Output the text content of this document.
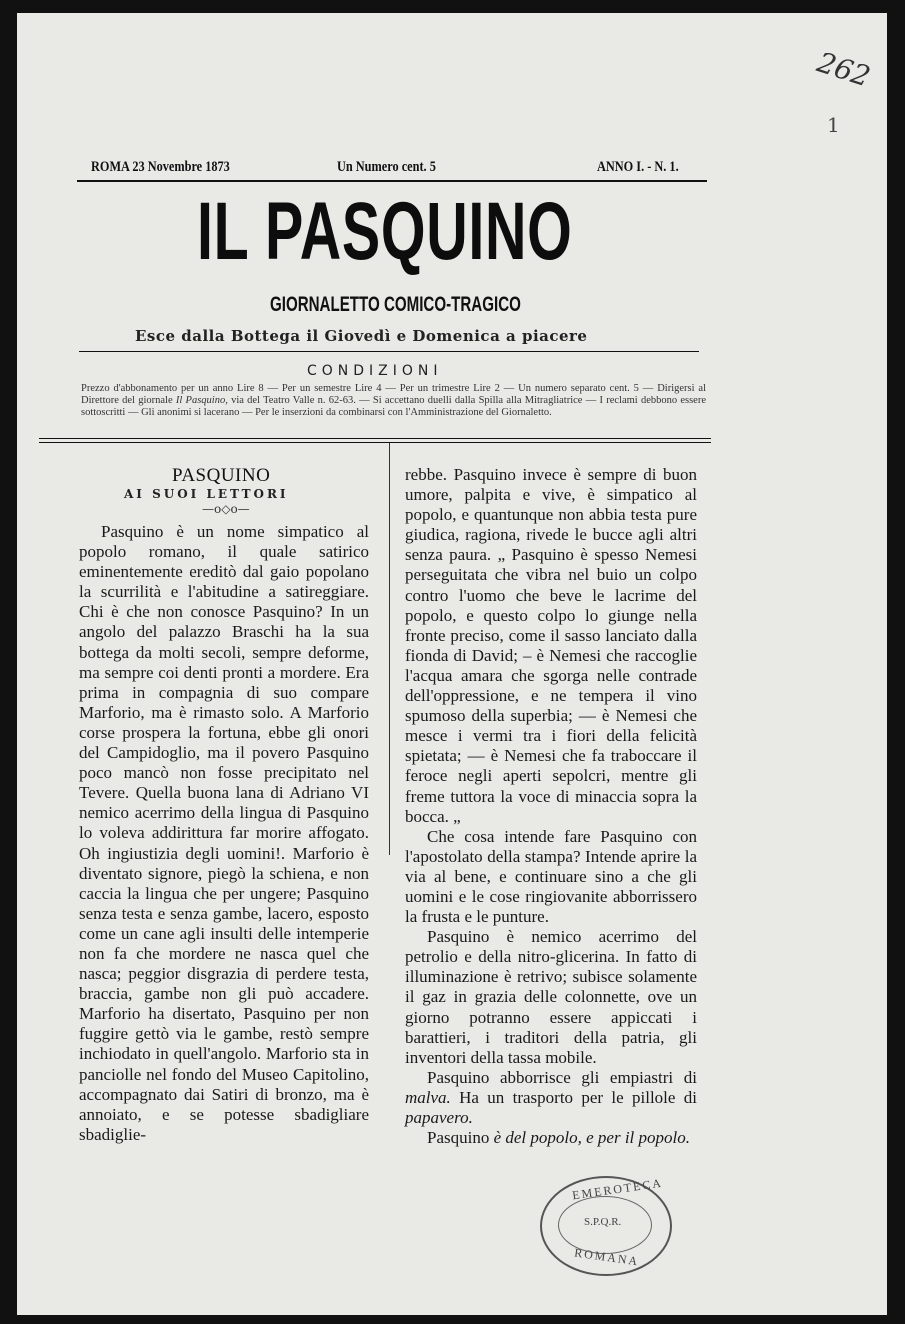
262
1
ROMA 23 Novembre 1873	Un Numero cent. 5	ANNO I. - N. 1.
IL PASQUINO
GIORNALETTO COMICO-TRAGICO
Esce dalla Bottega il Giovedì e Domenica a piacere
CONDIZIONI
Prezzo d'abbonamento per un anno Lire 8 — Per un semestre Lire 4 — Per un trimestre Lire 2 — Un numero separato cent. 5 — Dirigersi al Direttore del giornale Il Pasquino, via del Teatro Valle n. 62-63. — Si accettano duelli dalla Spilla alla Mitragliatrice — I reclami debbono essere sottoscritti — Gli anonimi si lacerano — Per le inserzioni da combinarsi con l'Amministrazione del Giornaletto.
PASQUINO
AI SUOI LETTORI
—o◇o—

Pasquino è un nome simpatico al popolo romano, il quale satirico eminentemente ereditò dal gaio popolano la scurrilità e l'abitudine a satireggiare. Chi è che non conosce Pasquino? In un angolo del palazzo Braschi ha la sua bottega da molti secoli, sempre deforme, ma sempre coi denti pronti a mordere. Era prima in compagnia di suo compare Marforio, ma è rimasto solo. A Marforio corse prospera la fortuna, ebbe gli onori del Campidoglio, ma il povero Pasquino poco mancò non fosse precipitato nel Tevere. Quella buona lana di Adriano VI nemico acerrimo della lingua di Pasquino lo voleva addirittura far morire affogato. Oh ingiustizia degli uomini!. Marforio è diventato signore, piegò la schiena, e non caccia la lingua che per ungere; Pasquino senza testa e senza gambe, lacero, esposto come un cane agli insulti delle intemperie non fa che mordere ne nasca quel che nasca; peggior disgrazia di perdere testa, braccia, gambe non gli può accadere. Marforio ha disertato, Pasquino per non fuggire gettò via le gambe, restò sempre inchiodato in quell'angolo. Marforio sta in panciolle nel fondo del Museo Capitolino, accompagnato dai Satiri di bronzo, ma è annoiato, e se potesse sbadigliare sbadiglie-

rebbe. Pasquino invece è sempre di buon umore, palpita e vive, è simpatico al popolo, e quantunque non abbia testa pure giudica, ragiona, rivede le bucce agli altri senza paura. „ Pasquino è spesso Nemesi perseguitata che vibra nel buio un colpo contro l'uomo che beve le lacrime del popolo, e questo colpo lo giunge nella fronte preciso, come il sasso lanciato dalla fionda di David; – è Nemesi che raccoglie l'acqua amara che sgorga nelle contrade dell'oppressione, e ne tempera il vino spumoso della superbia; — è Nemesi che mesce i vermi tra i fiori della felicità spietata; — è Nemesi che fa traboccare il feroce negli aperti sepolcri, mentre gli freme tuttora la voce di minaccia sopra la bocca. „

Che cosa intende fare Pasquino con l'apostolato della stampa? Intende aprire la via al bene, e continuare sino a che gli uomini e le cose ringiovanite abborrissero la frusta e le punture.

Pasquino è nemico acerrimo del petrolio e della nitro-glicerina. In fatto di illuminazione è retrivo; subisce solamente il gaz in grazia delle colonnette, ove un giorno potranno essere appiccati i barattieri, i traditori della patria, gli inventori della tassa mobile.

Pasquino abborrisce gli empiastri di malva. Ha un trasporto per le pillole di papavero.

Pasquino è del popolo, e per il popolo.

EMEROTECA
S.P.Q.R.
ROMANA
